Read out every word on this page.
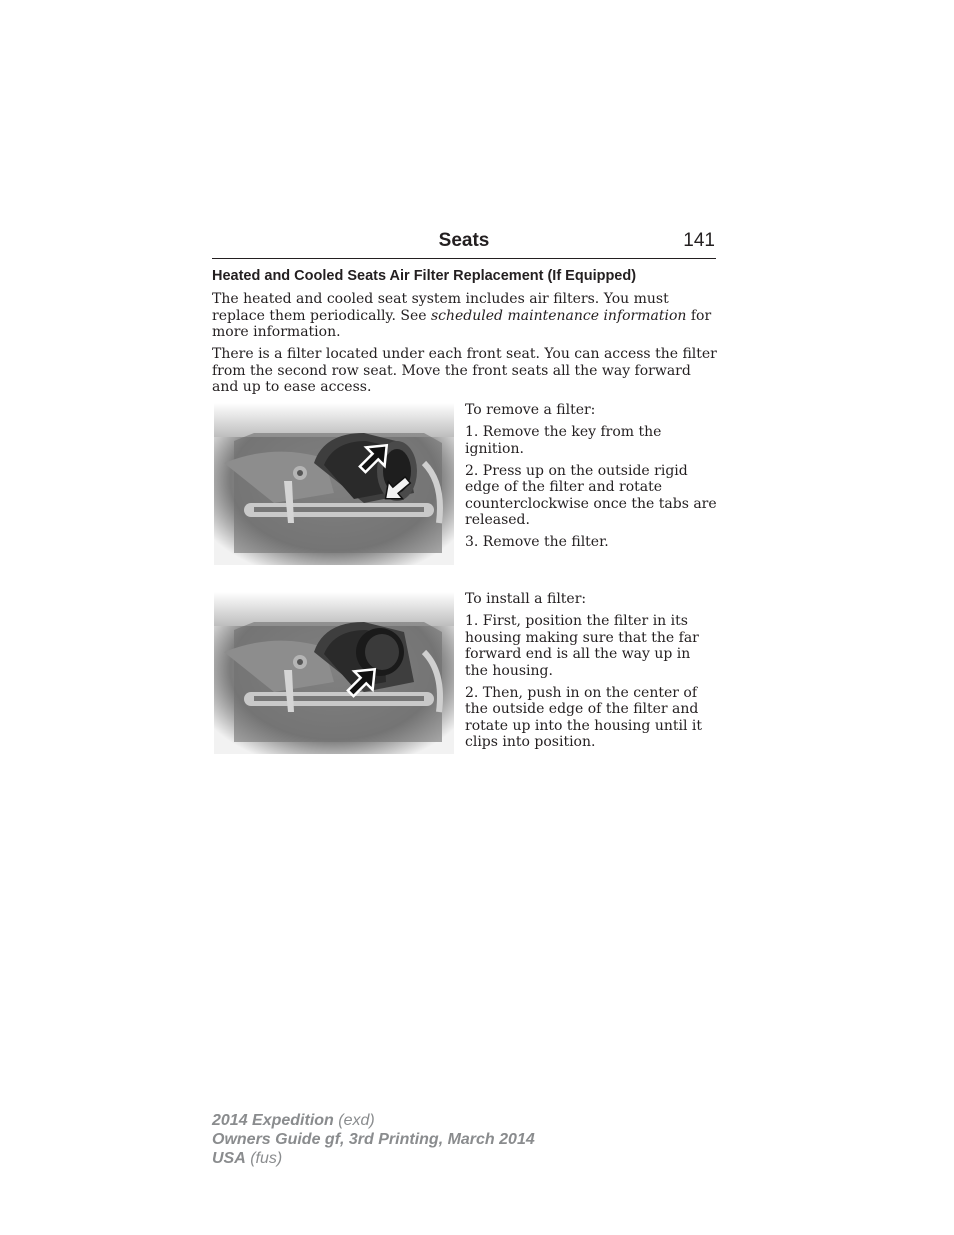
Seats	141
Heated and Cooled Seats Air Filter Replacement (If Equipped)

The heated and cooled seat system includes air filters. You must replace them periodically. See scheduled maintenance information for more information.

There is a filter located under each front seat. You can access the filter from the second row seat. Move the front seats all the way forward and up to ease access.

To remove a filter:

1. Remove the key from the ignition.

2. Press up on the outside rigid edge of the filter and rotate counterclockwise once the tabs are released.

3. Remove the filter.

To install a filter:

1. First, position the filter in its housing making sure that the far forward end is all the way up in the housing.

2. Then, push in on the center of the outside edge of the filter and rotate up into the housing until it clips into position.

2014 Expedition (exd)
Owners Guide gf, 3rd Printing, March 2014
USA (fus)
